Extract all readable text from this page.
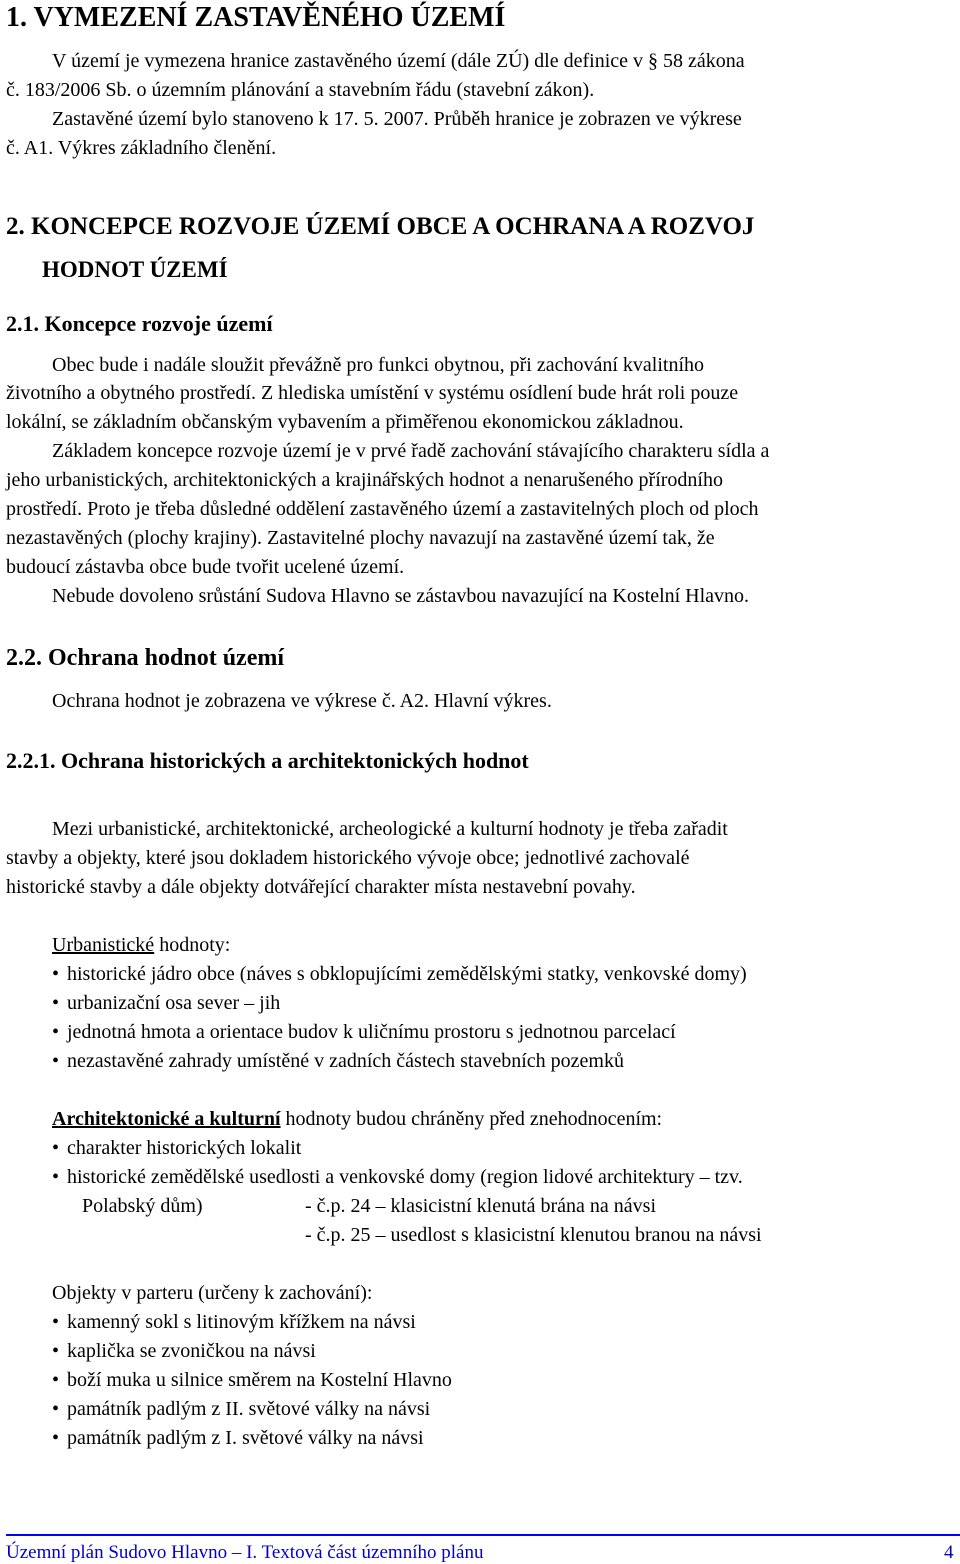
1. VYMEZENÍ ZASTAVĚNÉHO ÚZEMÍ
V území je vymezena hranice zastavěného území (dále ZÚ) dle definice v § 58 zákona
č. 183/2006 Sb. o územním plánování a stavebním řádu (stavební zákon).
Zastavěné území bylo stanoveno k 17. 5. 2007. Průběh hranice je zobrazen ve výkrese
č. A1. Výkres základního členění.
2. KONCEPCE ROZVOJE ÚZEMÍ OBCE A OCHRANA A ROZVOJ
HODNOT ÚZEMÍ
2.1. Koncepce rozvoje území
Obec bude i nadále sloužit převážně pro funkci obytnou, při zachování kvalitního
životního a obytného prostředí. Z hlediska umístění v systému osídlení bude hrát roli pouze
lokální, se základním občanským vybavením a přiměřenou ekonomickou základnou.
Základem koncepce rozvoje území je v prvé řadě zachování stávajícího charakteru sídla a
jeho urbanistických, architektonických a krajinářských hodnot a nenarušeného přírodního
prostředí. Proto je třeba důsledné oddělení zastavěného území a zastavitelných ploch od ploch
nezastavěných (plochy krajiny). Zastavitelné plochy navazují na zastavěné území tak, že
budoucí zástavba obce bude tvořit ucelené území.
Nebude dovoleno srůstání Sudova Hlavno se zástavbou navazující na Kostelní Hlavno.
2.2. Ochrana hodnot území
Ochrana hodnot je zobrazena ve výkrese č. A2. Hlavní výkres.
2.2.1. Ochrana historických a architektonických hodnot
Mezi urbanistické, architektonické, archeologické a kulturní hodnoty je třeba zařadit
stavby a objekty, které jsou dokladem historického vývoje obce; jednotlivé zachovalé
historické stavby a dále objekty dotvářející charakter místa nestavební povahy.
Urbanistické hodnoty:
• historické jádro obce (náves s obklopujícími zemědělskými statky, venkovské domy)
• urbanizační osa sever – jih
• jednotná hmota a orientace budov k uličnímu prostoru s jednotnou parcelací
• nezastavěné zahrady umístěné v zadních částech stavebních pozemků
Architektonické a kulturní hodnoty budou chráněny před znehodnocením:
• charakter historických lokalit
• historické zemědělské usedlosti a venkovské domy (region lidové architektury – tzv.
Polabský dům)	- č.p. 24 – klasicistní klenutá brána na návsi
- č.p. 25 – usedlost s klasicistní klenutou branou na návsi
Objekty v parteru (určeny k zachování):
• kamenný sokl s litinovým křížkem na návsi
• kaplička se zvoničkou na návsi
• boží muka u silnice směrem na Kostelní Hlavno
• památník padlým z II. světové války na návsi
• památník padlým z I. světové války na návsi
Územní plán Sudovo Hlavno – I. Textová část územního plánu	4
